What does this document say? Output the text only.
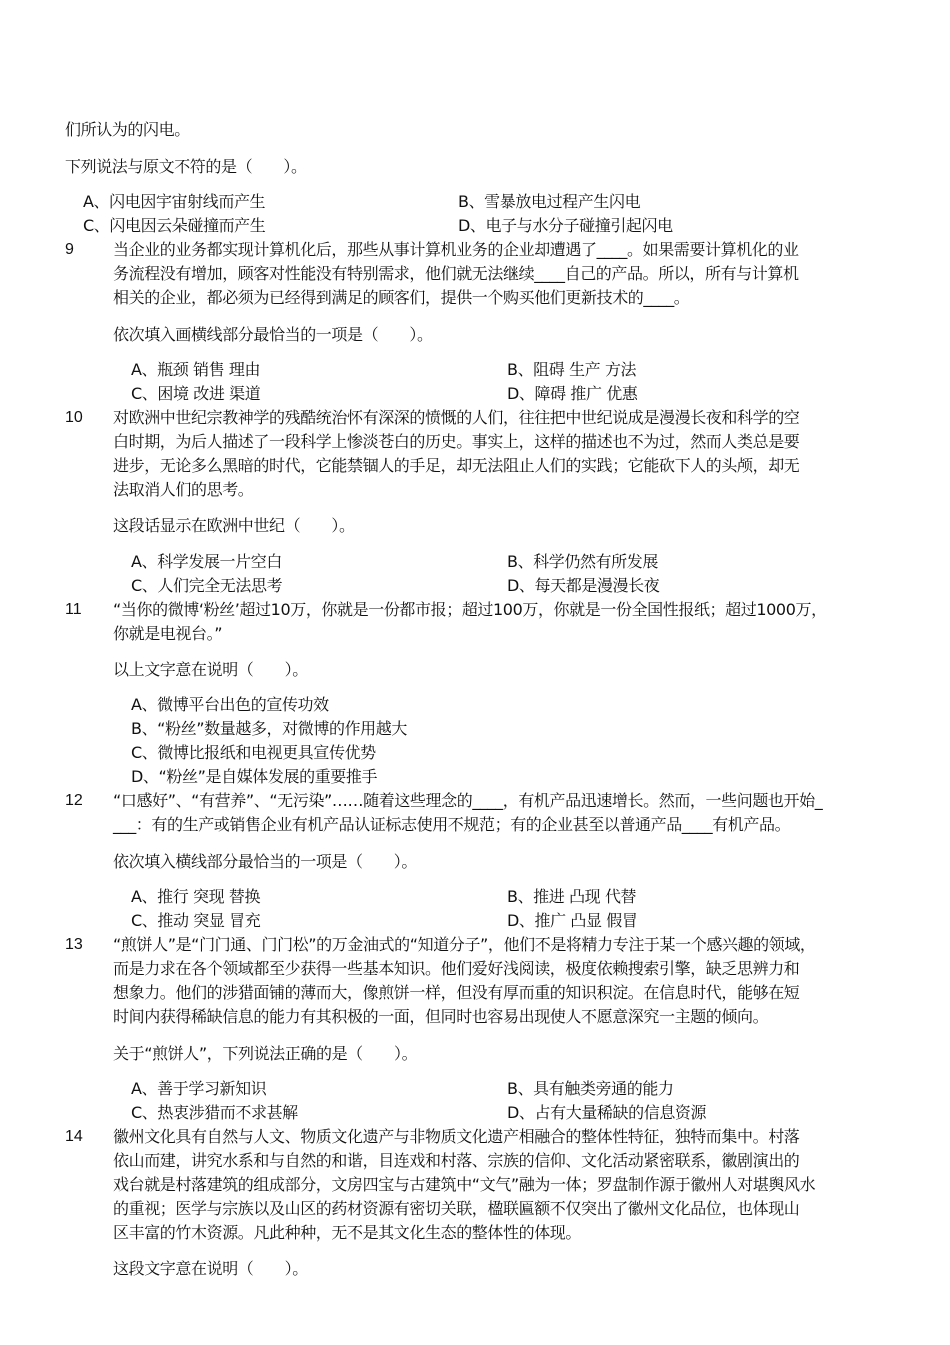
们所认为的闪电。
下列说法与原文不符的是（　　）。
A、闪电因宇宙射线而产生	B、雪暴放电过程产生闪电
C、闪电因云朵碰撞而产生	D、电子与水分子碰撞引起闪电
9 当企业的业务都实现计算机化后，那些从事计算机业务的企业却遭遇了____。如果需要计算机化的业
务流程没有增加，顾客对性能没有特别需求，他们就无法继续____自己的产品。所以，所有与计算机
相关的企业，都必须为已经得到满足的顾客们，提供一个购买他们更新技术的____。
依次填入画横线部分最恰当的一项是（　　）。
A、瓶颈 销售 理由	B、阻碍 生产 方法
C、困境 改进 渠道	D、障碍 推广 优惠
10 对欧洲中世纪宗教神学的残酷统治怀有深深的愤慨的人们，往往把中世纪说成是漫漫长夜和科学的空
白时期，为后人描述了一段科学上惨淡苍白的历史。事实上，这样的描述也不为过，然而人类总是要
进步，无论多么黑暗的时代，它能禁锢人的手足，却无法阻止人们的实践；它能砍下人的头颅，却无
法取消人们的思考。
这段话显示在欧洲中世纪（　　）。
A、科学发展一片空白	B、科学仍然有所发展
C、人们完全无法思考	D、每天都是漫漫长夜
11 “当你的微博‘粉丝’超过10万，你就是一份都市报；超过100万，你就是一份全国性报纸；超过1000万，
你就是电视台。”
以上文字意在说明（　　）。
A、微博平台出色的宣传功效
B、“粉丝”数量越多，对微博的作用越大
C、微博比报纸和电视更具宣传优势
D、“粉丝”是自媒体发展的重要推手
12 “口感好”、“有营养”、“无污染”……随着这些理念的____，有机产品迅速增长。然而，一些问题也开始_
___：有的生产或销售企业有机产品认证标志使用不规范；有的企业甚至以普通产品____有机产品。
依次填入横线部分最恰当的一项是（　　）。
A、推行 突现 替换	B、推进 凸现 代替
C、推动 突显 冒充	D、推广 凸显 假冒
13 “煎饼人”是“门门通、门门松”的万金油式的“知道分子”，他们不是将精力专注于某一个感兴趣的领域，
而是力求在各个领域都至少获得一些基本知识。他们爱好浅阅读，极度依赖搜索引擎，缺乏思辨力和
想象力。他们的涉猎面铺的薄而大，像煎饼一样，但没有厚而重的知识积淀。在信息时代，能够在短
时间内获得稀缺信息的能力有其积极的一面，但同时也容易出现使人不愿意深究一主题的倾向。
关于“煎饼人”，下列说法正确的是（　　）。
A、善于学习新知识	B、具有触类旁通的能力
C、热衷涉猎而不求甚解	D、占有大量稀缺的信息资源
14 徽州文化具有自然与人文、物质文化遗产与非物质文化遗产相融合的整体性特征，独特而集中。村落
依山而建，讲究水系和与自然的和谐，目连戏和村落、宗族的信仰、文化活动紧密联系，徽剧演出的
戏台就是村落建筑的组成部分，文房四宝与古建筑中“文气”融为一体；罗盘制作源于徽州人对堪舆风水
的重视；医学与宗族以及山区的药材资源有密切关联，楹联匾额不仅突出了徽州文化品位，也体现山
区丰富的竹木资源。凡此种种，无不是其文化生态的整体性的体现。
这段文字意在说明（　　）。
